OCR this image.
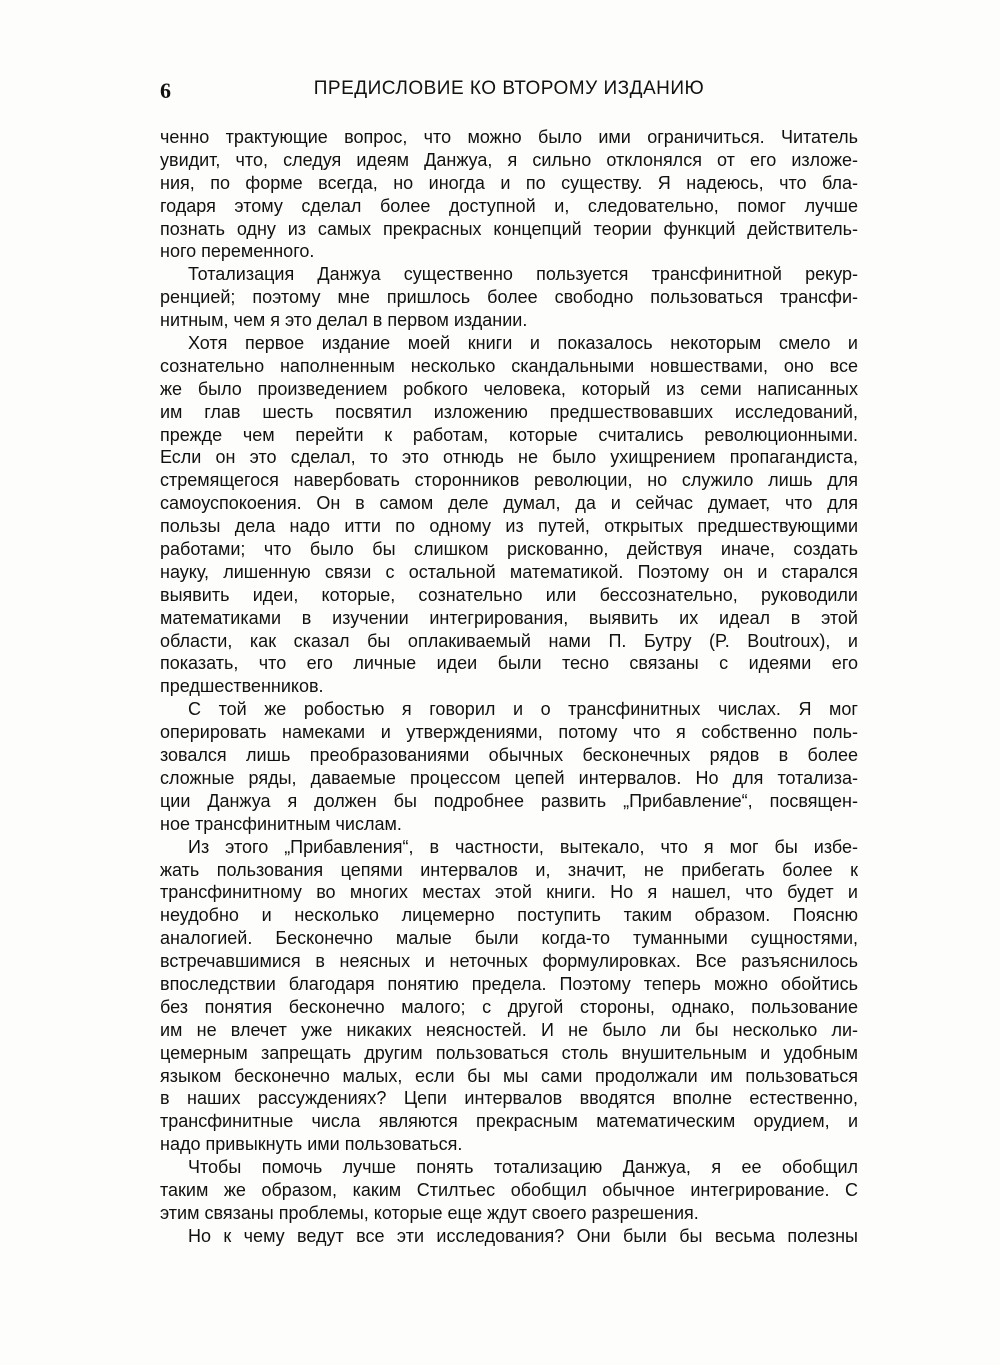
6	ПРЕДИСЛОВИЕ КО ВТОРОМУ ИЗДАНИЮ
ченно трактующие вопрос, что можно было ими ограничиться. Читатель
увидит, что, следуя идеям Данжуа, я сильно отклонялся от его изложе-
ния, по форме всегда, но иногда и по существу. Я надеюсь, что бла-
годаря этому сделал более доступной и, следовательно, помог лучше
познать одну из самых прекрасных концепций теории функций действитель-
ного переменного.
Тотализация Данжуа существенно пользуется трансфинитной рекур-
ренцией; поэтому мне пришлось более свободно пользоваться трансфи-
нитным, чем я это делал в первом издании.
Хотя первое издание моей книги и показалось некоторым смело и
сознательно наполненным несколько скандальными новшествами, оно все
же было произведением робкого человека, который из семи написанных
им глав шесть посвятил изложению предшествовавших исследований,
прежде чем перейти к работам, которые считались революционными.
Если он это сделал, то это отнюдь не было ухищрением пропагандиста,
стремящегося навербовать сторонников революции, но служило лишь для
самоуспокоения. Он в самом деле думал, да и сейчас думает, что для
пользы дела надо итти по одному из путей, открытых предшествующими
работами; что было бы слишком рискованно, действуя иначе, создать
науку, лишенную связи с остальной математикой. Поэтому он и старался
выявить идеи, которые, сознательно или бессознательно, руководили
математиками в изучении интегрирования, выявить их идеал в этой
области, как сказал бы оплакиваемый нами П. Бутру (P. Boutroux), и
показать, что его личные идеи были тесно связаны с идеями его
предшественников.
С той же робостью я говорил и о трансфинитных числах. Я мог
оперировать намеками и утверждениями, потому что я собственно поль-
зовался лишь преобразованиями обычных бесконечных рядов в более
сложные ряды, даваемые процессом цепей интервалов. Но для тотализа-
ции Данжуа я должен бы подробнее развить „Прибавление“, посвящен-
ное трансфинитным числам.
Из этого „Прибавления“, в частности, вытекало, что я мог бы избе-
жать пользования цепями интервалов и, значит, не прибегать более к
трансфинитному во многих местах этой книги. Но я нашел, что будет и
неудобно и несколько лицемерно поступить таким образом. Поясню
аналогией. Бесконечно малые были когда-то туманными сущностями,
встречавшимися в неясных и неточных формулировках. Все разъяснилось
впоследствии благодаря понятию предела. Поэтому теперь можно обойтись
без понятия бесконечно малого; с другой стороны, однако, пользование
им не влечет уже никаких неясностей. И не было ли бы несколько ли-
цемерным запрещать другим пользоваться столь внушительным и удобным
языком бесконечно малых, если бы мы сами продолжали им пользоваться
в наших рассуждениях? Цепи интервалов вводятся вполне естественно,
трансфинитные числа являются прекрасным математическим орудием, и
надо привыкнуть ими пользоваться.
Чтобы помочь лучше понять тотализацию Данжуа, я ее обобщил
таким же образом, каким Стилтьес обобщил обычное интегрирование. С
этим связаны проблемы, которые еще ждут своего разрешения.
Но к чему ведут все эти исследования? Они были бы весьма полезны
